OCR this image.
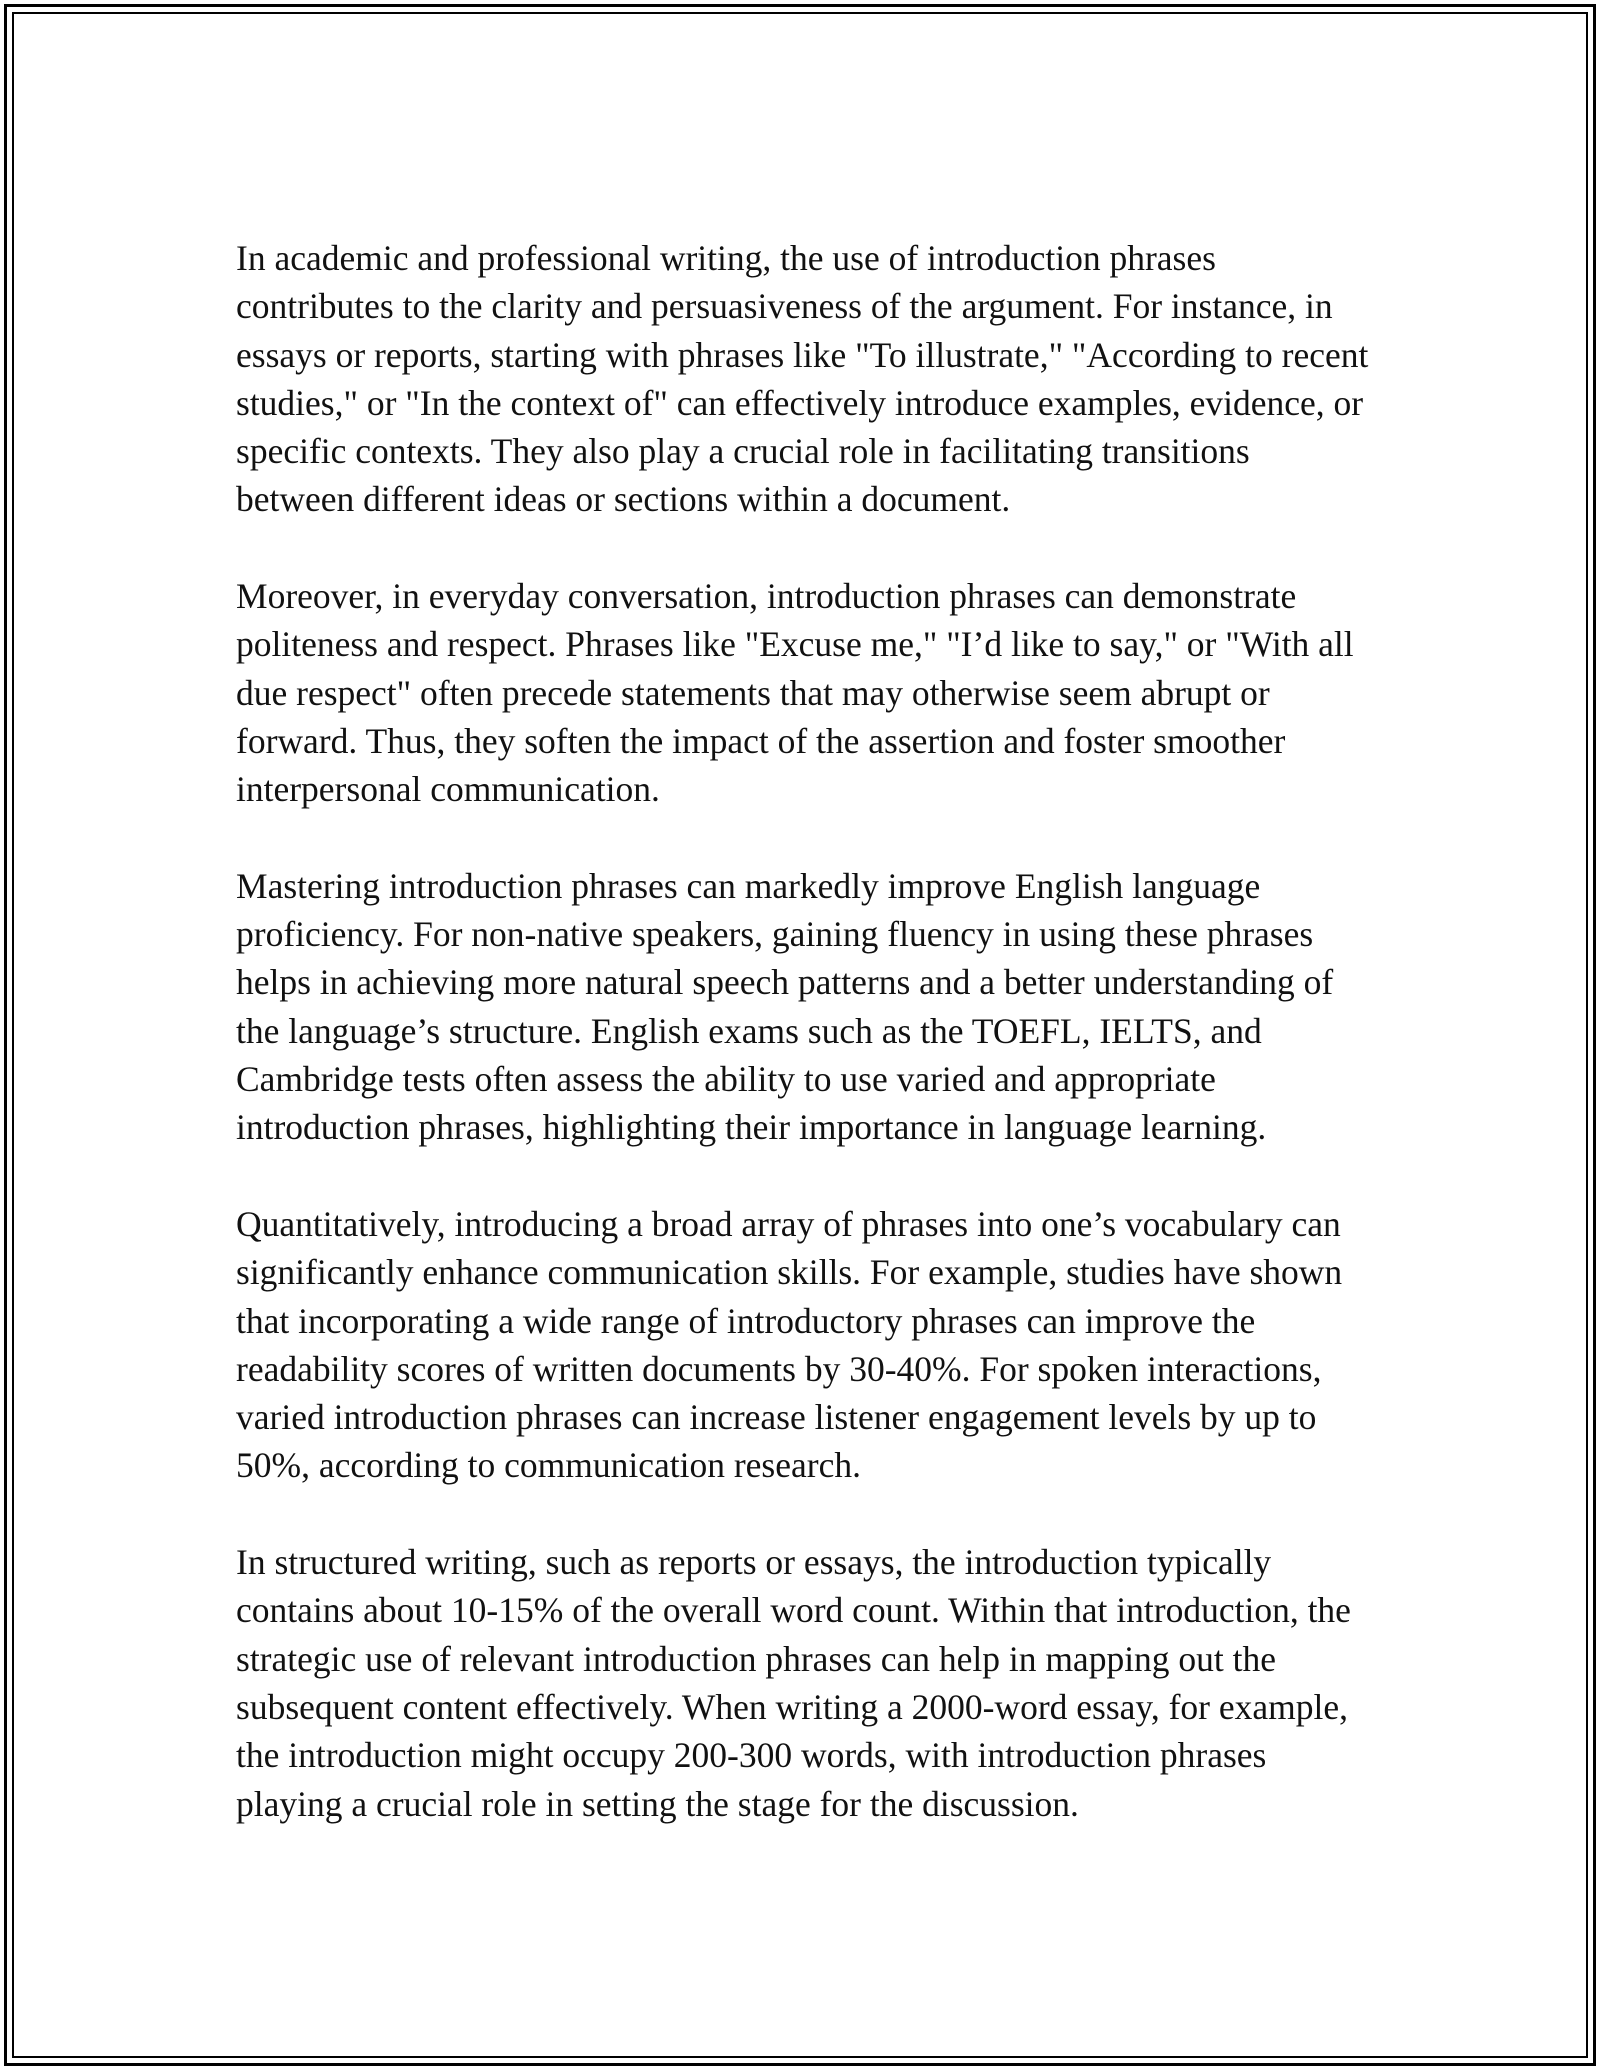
In academic and professional writing, the use of introduction phrases contributes to the clarity and persuasiveness of the argument. For instance, in essays or reports, starting with phrases like "To illustrate," "According to recent studies," or "In the context of" can effectively introduce examples, evidence, or specific contexts. They also play a crucial role in facilitating transitions between different ideas or sections within a document.

Moreover, in everyday conversation, introduction phrases can demonstrate politeness and respect. Phrases like "Excuse me," "I’d like to say," or "With all due respect" often precede statements that may otherwise seem abrupt or forward. Thus, they soften the impact of the assertion and foster smoother interpersonal communication.

Mastering introduction phrases can markedly improve English language proficiency. For non-native speakers, gaining fluency in using these phrases helps in achieving more natural speech patterns and a better understanding of the language’s structure. English exams such as the TOEFL, IELTS, and Cambridge tests often assess the ability to use varied and appropriate introduction phrases, highlighting their importance in language learning.

Quantitatively, introducing a broad array of phrases into one’s vocabulary can significantly enhance communication skills. For example, studies have shown that incorporating a wide range of introductory phrases can improve the readability scores of written documents by 30-40%. For spoken interactions, varied introduction phrases can increase listener engagement levels by up to 50%, according to communication research.

In structured writing, such as reports or essays, the introduction typically contains about 10-15% of the overall word count. Within that introduction, the strategic use of relevant introduction phrases can help in mapping out the subsequent content effectively. When writing a 2000-word essay, for example, the introduction might occupy 200-300 words, with introduction phrases playing a crucial role in setting the stage for the discussion.
